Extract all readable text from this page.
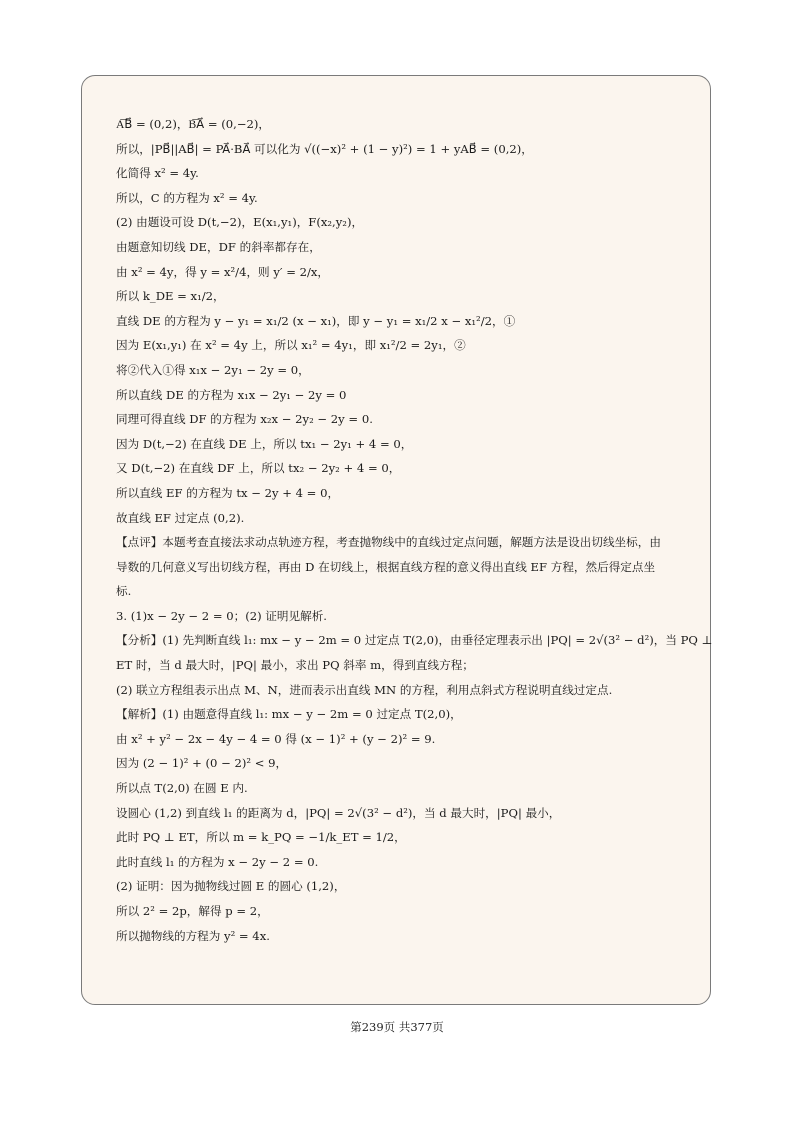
A͞B⃗ = (0,2)，B͞A⃗ = (0,−2)，
所以，|PB⃗||AB⃗| = PA⃗·BA⃗ 可以化为 √((−x)² + (1 − y)²) = 1 + yAB⃗ = (0,2)，
化简得 x² = 4y.
所以，C 的方程为 x² = 4y.
(2) 由题设可设 D(t,−2)，E(x₁,y₁)，F(x₂,y₂)，
由题意知切线 DE，DF 的斜率都存在，
由 x² = 4y，得 y = x²/4，则 y′ = 2/x，
所以 k_DE = x₁/2，
直线 DE 的方程为 y − y₁ = x₁/2 (x − x₁)，即 y − y₁ = x₁/2 x − x₁²/2，①
因为 E(x₁,y₁) 在 x² = 4y 上，所以 x₁² = 4y₁，即 x₁²/2 = 2y₁，②
将②代入①得 x₁x − 2y₁ − 2y = 0，
所以直线 DE 的方程为 x₁x − 2y₁ − 2y = 0
同理可得直线 DF 的方程为 x₂x − 2y₂ − 2y = 0.
因为 D(t,−2) 在直线 DE 上，所以 tx₁ − 2y₁ + 4 = 0，
又 D(t,−2) 在直线 DF 上，所以 tx₂ − 2y₂ + 4 = 0，
所以直线 EF 的方程为 tx − 2y + 4 = 0，
故直线 EF 过定点 (0,2).
【点评】本题考查直接法求动点轨迹方程，考查抛物线中的直线过定点问题，解题方法是设出切线坐标，由
导数的几何意义写出切线方程，再由 D 在切线上，根据直线方程的意义得出直线 EF 方程，然后得定点坐
标.
3. (1)x − 2y − 2 = 0；(2) 证明见解析.
【分析】(1) 先判断直线 l₁: mx − y − 2m = 0 过定点 T(2,0)，由垂径定理表示出 |PQ| = 2√(3² − d²)，当 PQ ⊥
ET 时，当 d 最大时，|PQ| 最小，求出 PQ 斜率 m，得到直线方程；
(2) 联立方程组表示出点 M、N，进而表示出直线 MN 的方程，利用点斜式方程说明直线过定点.
【解析】(1) 由题意得直线 l₁: mx − y − 2m = 0 过定点 T(2,0)，
由 x² + y² − 2x − 4y − 4 = 0 得 (x − 1)² + (y − 2)² = 9.
因为 (2 − 1)² + (0 − 2)² < 9，
所以点 T(2,0) 在圆 E 内.
设圆心 (1,2) 到直线 l₁ 的距离为 d，|PQ| = 2√(3² − d²)，当 d 最大时，|PQ| 最小，
此时 PQ ⊥ ET，所以 m = k_PQ = −1/k_ET = 1/2，
此时直线 l₁ 的方程为 x − 2y − 2 = 0.
(2) 证明：因为抛物线过圆 E 的圆心 (1,2)，
所以 2² = 2p，解得 p = 2，
所以抛物线的方程为 y² = 4x.
第239页 共377页
